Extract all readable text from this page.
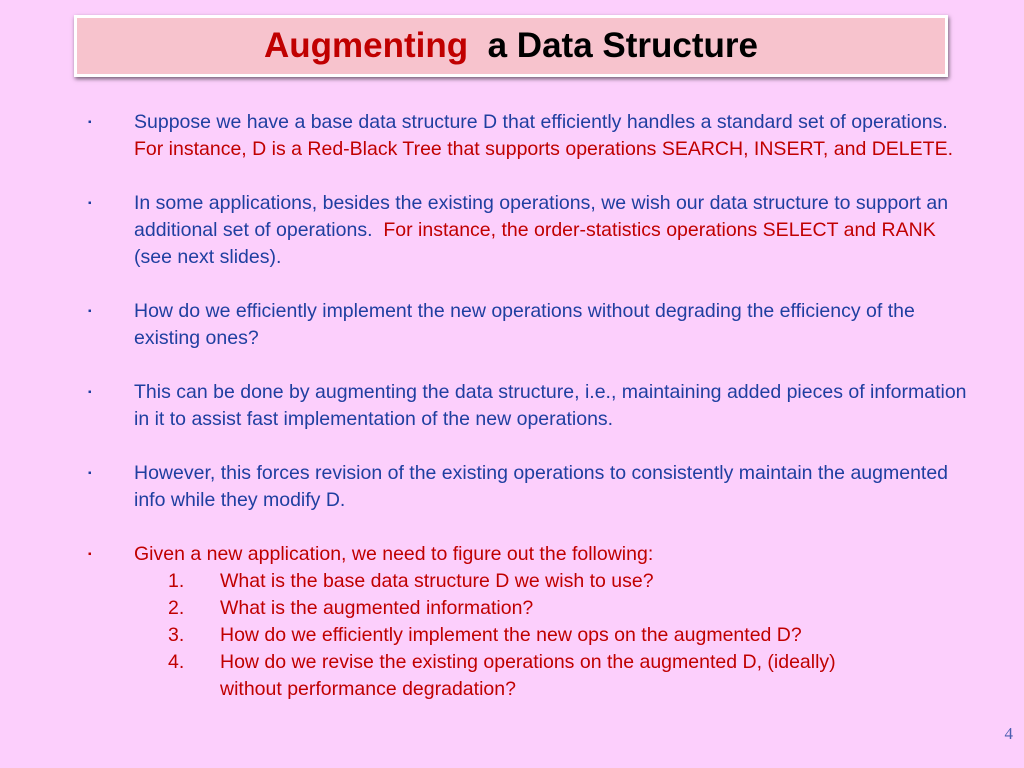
Augmenting a Data Structure
▪	Suppose we have a base data structure D that efficiently handles a standard set of operations. For instance, D is a Red-Black Tree that supports operations SEARCH, INSERT, and DELETE.
▪	In some applications, besides the existing operations, we wish our data structure to support an additional set of operations.  For instance, the order-statistics operations SELECT and RANK (see next slides).
▪	How do we efficiently implement the new operations without degrading the efficiency of the existing ones?
▪	This can be done by augmenting the data structure, i.e., maintaining added pieces of information in it to assist fast implementation of the new operations.
▪	However, this forces revision of the existing operations to consistently maintain the augmented info while they modify D.
▪	Given a new application, we need to figure out the following:
1.	What is the base data structure D we wish to use?
2.	What is the augmented information?
3.	How do we efficiently implement the new ops on the augmented D?
4.	How do we revise the existing operations on the augmented D, (ideally) without performance degradation?
4
